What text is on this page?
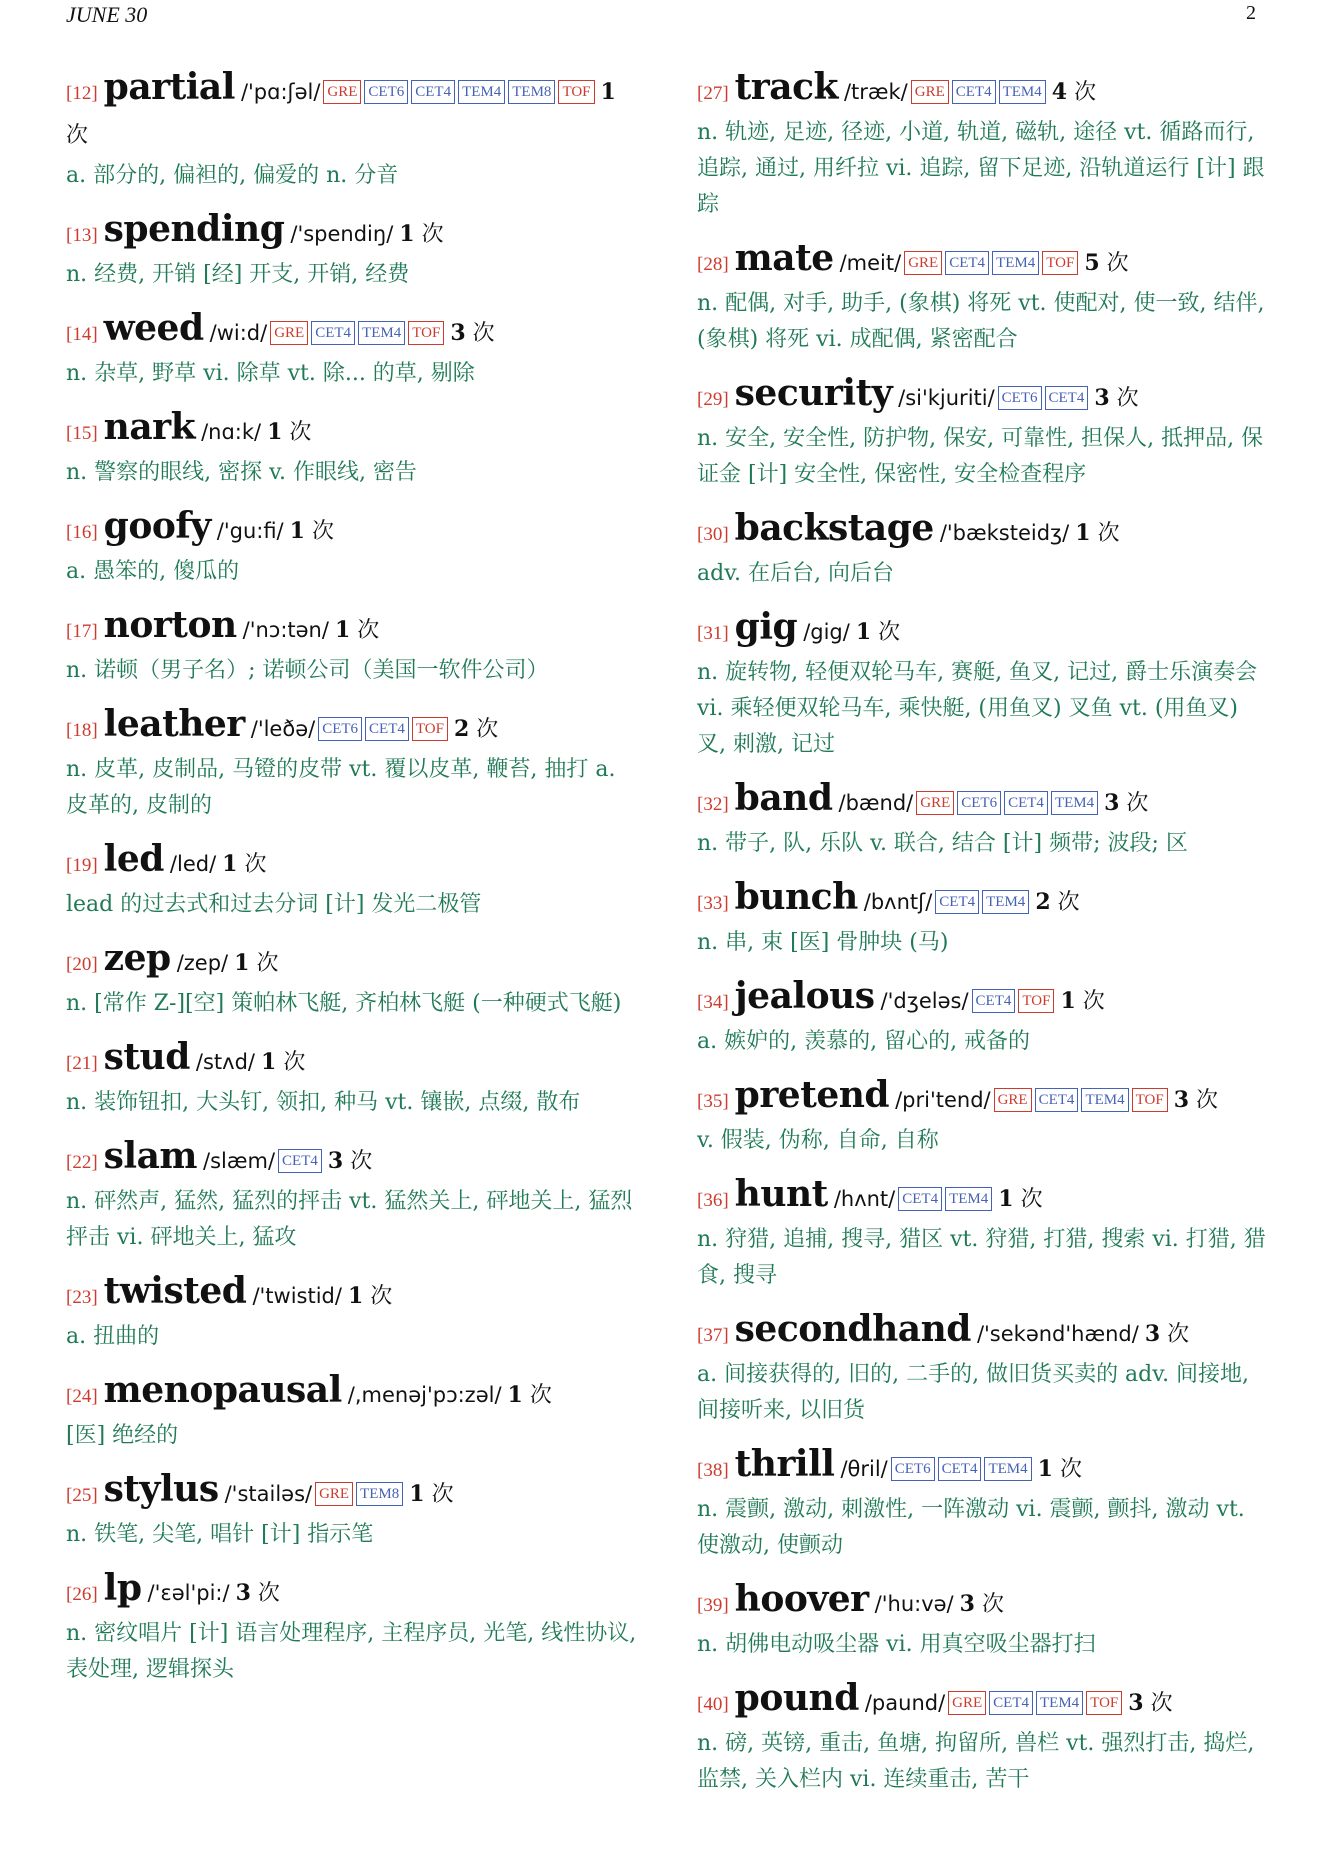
JUNE 30	2
[12] partial /'pɑ:ʃəl/ GRE CET6 CET4 TEM4 TEM8 TOF 1 次
a. 部分的, 偏袒的, 偏爱的 n. 分音
[13] spending /'spendiŋ/ 1 次
n. 经费, 开销 [经] 开支, 开销, 经费
[14] weed /wi:d/ GRE CET4 TEM4 TOF 3 次
n. 杂草, 野草 vi. 除草 vt. 除... 的草, 剔除
[15] nark /nɑ:k/ 1 次
n. 警察的眼线, 密探 v. 作眼线, 密告
[16] goofy /'gu:fi/ 1 次
a. 愚笨的, 傻瓜的
[17] norton /'nɔ:tən/ 1 次
n. 诺顿（男子名）; 诺顿公司（美国一软件公司）
[18] leather /'leðə/ CET6 CET4 TOF 2 次
n. 皮革, 皮制品, 马镫的皮带 vt. 覆以皮革, 鞭苔, 抽打 a. 皮革的, 皮制的
[19] led /led/ 1 次
lead 的过去式和过去分词 [计] 发光二极管
[20] zep /zep/ 1 次
n. [常作 Z-][空] 策帕林飞艇, 齐柏林飞艇 (一种硬式飞艇)
[21] stud /stʌd/ 1 次
n. 装饰钮扣, 大头钉, 领扣, 种马 vt. 镶嵌, 点缀, 散布
[22] slam /slæm/ CET4 3 次
n. 砰然声, 猛然, 猛烈的抨击 vt. 猛然关上, 砰地关上, 猛烈抨击 vi. 砰地关上, 猛攻
[23] twisted /'twistid/ 1 次
a. 扭曲的
[24] menopausal /,menəj'pɔ:zəl/ 1 次
[医] 绝经的
[25] stylus /'stailəs/ GRE TEM8 1 次
n. 铁笔, 尖笔, 唱针 [计] 指示笔
[26] lp /'ɛəl'pi:/ 3 次
n. 密纹唱片 [计] 语言处理程序, 主程序员, 光笔, 线性协议, 表处理, 逻辑探头
[27] track /træk/ GRE CET4 TEM4 4 次
n. 轨迹, 足迹, 径迹, 小道, 轨道, 磁轨, 途径 vt. 循路而行, 追踪, 通过, 用纤拉 vi. 追踪, 留下足迹, 沿轨道运行 [计] 跟踪
[28] mate /meit/ GRE CET4 TEM4 TOF 5 次
n. 配偶, 对手, 助手, (象棋) 将死 vt. 使配对, 使一致, 结伴, (象棋) 将死 vi. 成配偶, 紧密配合
[29] security /si'kjuriti/ CET6 CET4 3 次
n. 安全, 安全性, 防护物, 保安, 可靠性, 担保人, 抵押品, 保证金 [计] 安全性, 保密性, 安全检查程序
[30] backstage /'bæksteidʒ/ 1 次
adv. 在后台, 向后台
[31] gig /gig/ 1 次
n. 旋转物, 轻便双轮马车, 赛艇, 鱼叉, 记过, 爵士乐演奏会 vi. 乘轻便双轮马车, 乘快艇, (用鱼叉) 叉鱼 vt. (用鱼叉) 叉, 刺激, 记过
[32] band /bænd/ GRE CET6 CET4 TEM4 3 次
n. 带子, 队, 乐队 v. 联合, 结合 [计] 频带; 波段; 区
[33] bunch /bʌntʃ/ CET4 TEM4 2 次
n. 串, 束 [医] 骨肿块 (马)
[34] jealous /'dʒeləs/ CET4 TOF 1 次
a. 嫉妒的, 羡慕的, 留心的, 戒备的
[35] pretend /pri'tend/ GRE CET4 TEM4 TOF 3 次
v. 假装, 伪称, 自命, 自称
[36] hunt /hʌnt/ CET4 TEM4 1 次
n. 狩猎, 追捕, 搜寻, 猎区 vt. 狩猎, 打猎, 搜索 vi. 打猎, 猎食, 搜寻
[37] secondhand /'sekənd'hænd/ 3 次
a. 间接获得的, 旧的, 二手的, 做旧货买卖的 adv. 间接地, 间接听来, 以旧货
[38] thrill /θril/ CET6 CET4 TEM4 1 次
n. 震颤, 激动, 刺激性, 一阵激动 vi. 震颤, 颤抖, 激动 vt. 使激动, 使颤动
[39] hoover /'hu:və/ 3 次
n. 胡佛电动吸尘器 vi. 用真空吸尘器打扫
[40] pound /paund/ GRE CET4 TEM4 TOF 3 次
n. 磅, 英镑, 重击, 鱼塘, 拘留所, 兽栏 vt. 强烈打击, 捣烂, 监禁, 关入栏内 vi. 连续重击, 苦干
